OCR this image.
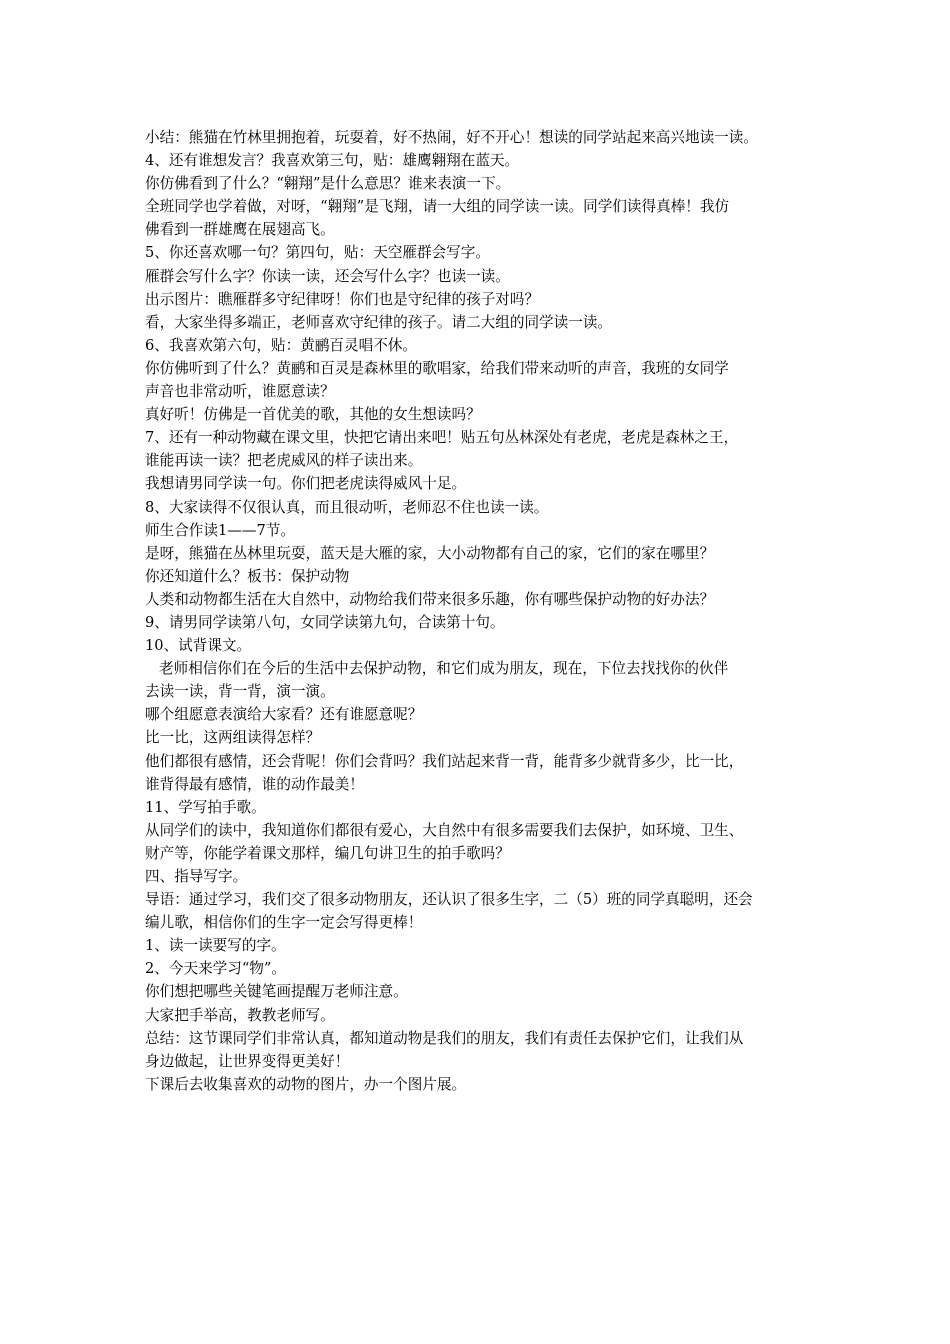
小结：熊猫在竹林里拥抱着，玩耍着，好不热闹，好不开心！想读的同学站起来高兴地读一读。
4、还有谁想发言？我喜欢第三句，贴：雄鹰翱翔在蓝天。
你仿佛看到了什么？“翱翔”是什么意思？谁来表演一下。
全班同学也学着做，对呀，“翱翔”是飞翔，请一大组的同学读一读。同学们读得真棒！我仿
佛看到一群雄鹰在展翅高飞。
5、你还喜欢哪一句？第四句，贴：天空雁群会写字。
雁群会写什么字？你读一读，还会写什么字？也读一读。
出示图片：瞧雁群多守纪律呀！你们也是守纪律的孩子对吗？
看，大家坐得多端正，老师喜欢守纪律的孩子。请二大组的同学读一读。
6、我喜欢第六句，贴：黄鹂百灵唱不休。
你仿佛听到了什么？黄鹂和百灵是森林里的歌唱家，给我们带来动听的声音，我班的女同学
声音也非常动听，谁愿意读？
真好听！仿佛是一首优美的歌，其他的女生想读吗？
7、还有一种动物藏在课文里，快把它请出来吧！贴五句丛林深处有老虎，老虎是森林之王，
谁能再读一读？把老虎威风的样子读出来。
我想请男同学读一句。你们把老虎读得威风十足。
8、大家读得不仅很认真，而且很动听，老师忍不住也读一读。
师生合作读1——7节。
是呀，熊猫在丛林里玩耍，蓝天是大雁的家，大小动物都有自己的家，它们的家在哪里？
你还知道什么？板书：保护动物
人类和动物都生活在大自然中，动物给我们带来很多乐趣，你有哪些保护动物的好办法？
9、请男同学读第八句，女同学读第九句，合读第十句。
10、试背课文。
老师相信你们在今后的生活中去保护动物，和它们成为朋友，现在，下位去找找你的伙伴
去读一读，背一背，演一演。
哪个组愿意表演给大家看？还有谁愿意呢？
比一比，这两组读得怎样？
他们都很有感情，还会背呢！你们会背吗？我们站起来背一背，能背多少就背多少，比一比，
谁背得最有感情，谁的动作最美！
11、学写拍手歌。
从同学们的读中，我知道你们都很有爱心，大自然中有很多需要我们去保护，如环境、卫生、
财产等，你能学着课文那样，编几句讲卫生的拍手歌吗？
四、指导写字。
导语：通过学习，我们交了很多动物朋友，还认识了很多生字，二（5）班的同学真聪明，还会
编儿歌，相信你们的生字一定会写得更棒！
1、读一读要写的字。
2、今天来学习“物”。
你们想把哪些关键笔画提醒万老师注意。
大家把手举高，教教老师写。
总结：这节课同学们非常认真，都知道动物是我们的朋友，我们有责任去保护它们，让我们从
身边做起，让世界变得更美好！
下课后去收集喜欢的动物的图片，办一个图片展。
